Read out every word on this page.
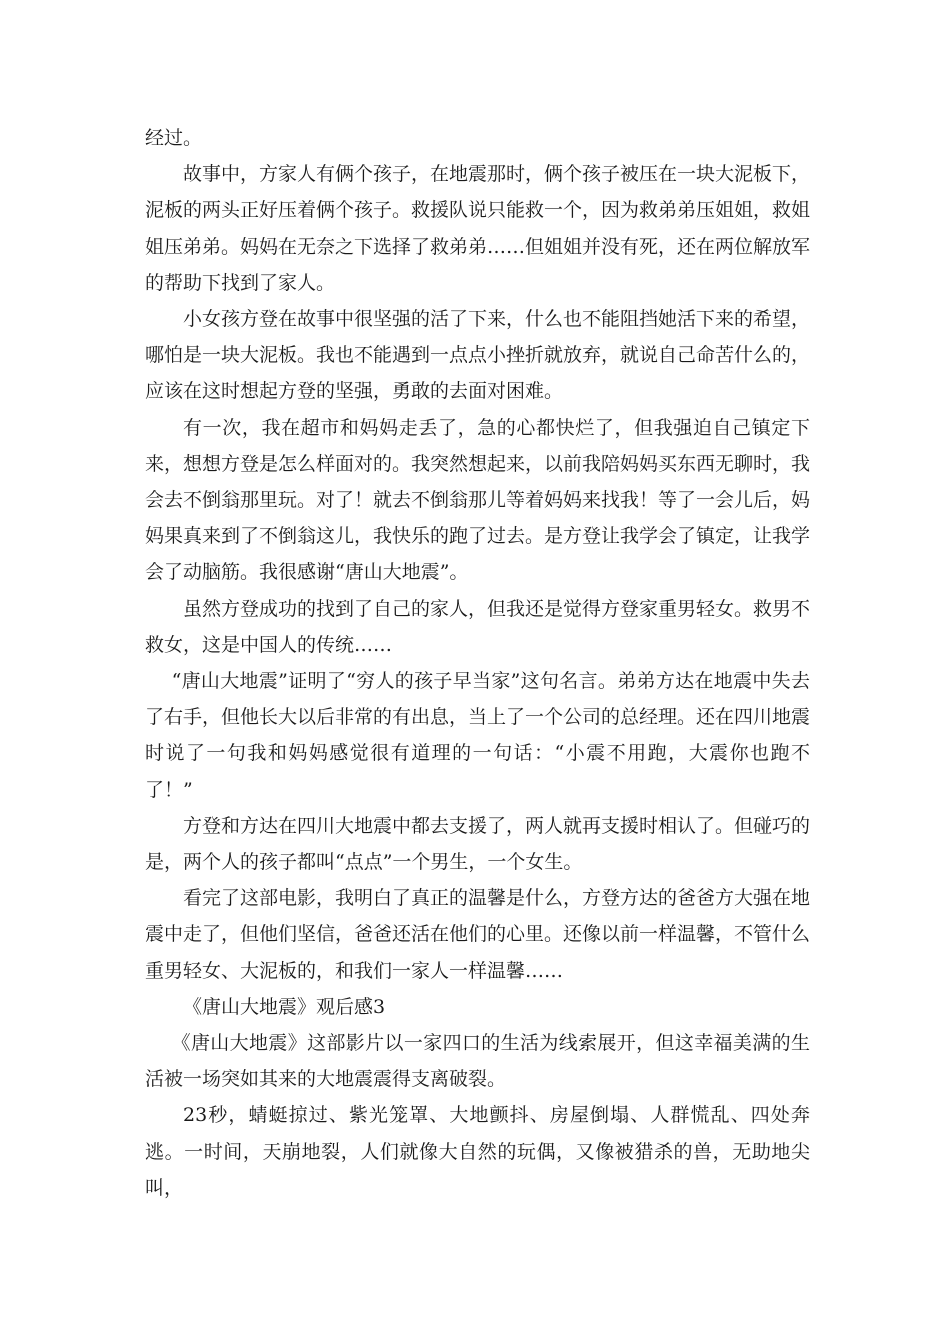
经过。

故事中，方家人有俩个孩子，在地震那时，俩个孩子被压在一块大泥板下，泥板的两头正好压着俩个孩子。救援队说只能救一个，因为救弟弟压姐姐，救姐姐压弟弟。妈妈在无奈之下选择了救弟弟……但姐姐并没有死，还在两位解放军的帮助下找到了家人。

小女孩方登在故事中很坚强的活了下来，什么也不能阻挡她活下来的希望，哪怕是一块大泥板。我也不能遇到一点点小挫折就放弃，就说自己命苦什么的，应该在这时想起方登的坚强，勇敢的去面对困难。

有一次，我在超市和妈妈走丢了，急的心都快烂了，但我强迫自己镇定下来，想想方登是怎么样面对的。我突然想起来，以前我陪妈妈买东西无聊时，我会去不倒翁那里玩。对了！就去不倒翁那儿等着妈妈来找我！等了一会儿后，妈妈果真来到了不倒翁这儿，我快乐的跑了过去。是方登让我学会了镇定，让我学会了动脑筋。我很感谢“唐山大地震”。

虽然方登成功的找到了自己的家人，但我还是觉得方登家重男轻女。救男不救女，这是中国人的传统……

“唐山大地震”证明了“穷人的孩子早当家”这句名言。弟弟方达在地震中失去了右手，但他长大以后非常的有出息，当上了一个公司的总经理。还在四川地震时说了一句我和妈妈感觉很有道理的一句话：“小震不用跑，大震你也跑不了！”

方登和方达在四川大地震中都去支援了，两人就再支援时相认了。但碰巧的是，两个人的孩子都叫“点点”一个男生，一个女生。

看完了这部电影，我明白了真正的温馨是什么，方登方达的爸爸方大强在地震中走了，但他们坚信，爸爸还活在他们的心里。还像以前一样温馨，不管什么重男轻女、大泥板的，和我们一家人一样温馨……

《唐山大地震》观后感3

《唐山大地震》这部影片以一家四口的生活为线索展开，但这幸福美满的生活被一场突如其来的大地震震得支离破裂。

23秒，蜻蜓掠过、紫光笼罩、大地颤抖、房屋倒塌、人群慌乱、四处奔逃。一时间，天崩地裂，人们就像大自然的玩偶，又像被猎杀的兽，无助地尖叫，
